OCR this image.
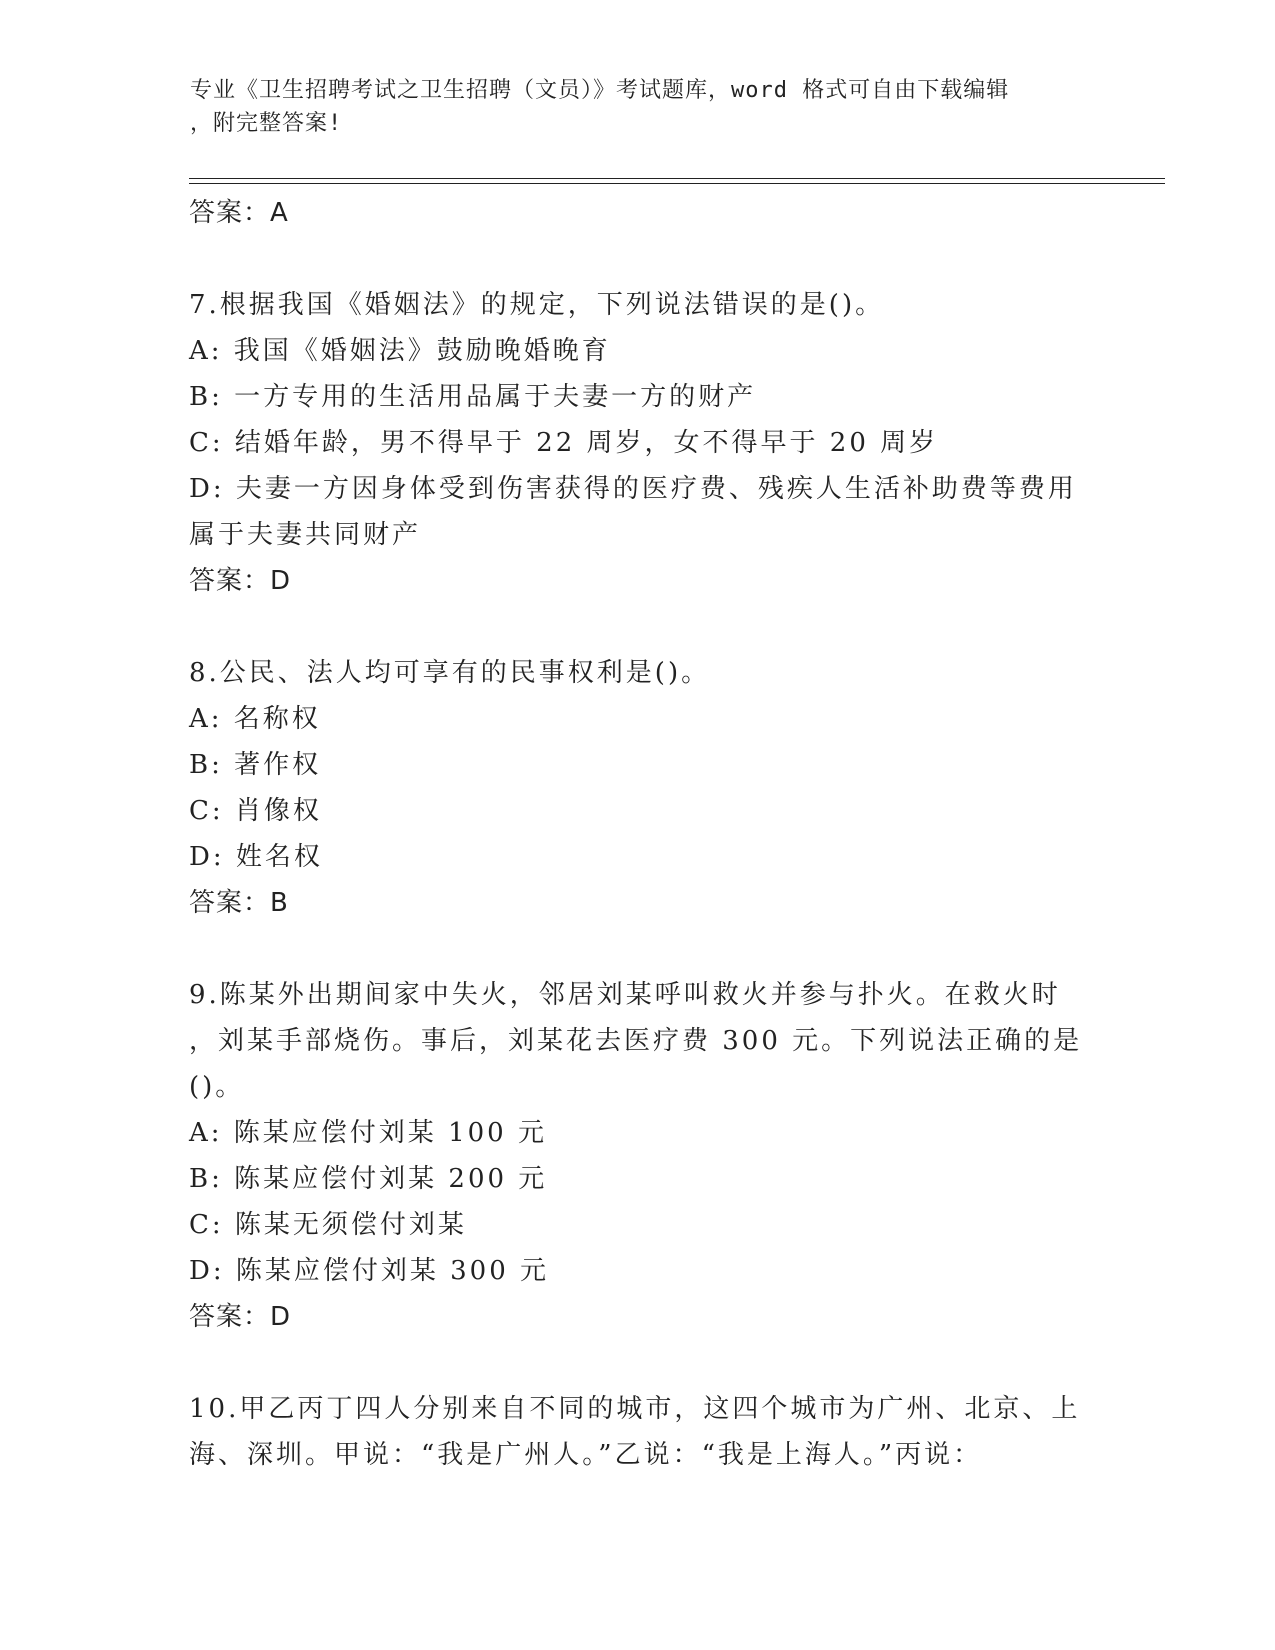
专业《卫生招聘考试之卫生招聘（文员）》考试题库，word 格式可自由下载编辑
，附完整答案!
答案：A
7.根据我国《婚姻法》的规定，下列说法错误的是()。
A: 我国《婚姻法》鼓励晚婚晚育
B: 一方专用的生活用品属于夫妻一方的财产
C: 结婚年龄，男不得早于 22 周岁，女不得早于 20 周岁
D: 夫妻一方因身体受到伤害获得的医疗费、残疾人生活补助费等费用
属于夫妻共同财产
答案：D
8.公民、法人均可享有的民事权利是()。
A: 名称权
B: 著作权
C: 肖像权
D: 姓名权
答案：B
9.陈某外出期间家中失火，邻居刘某呼叫救火并参与扑火。在救火时
，刘某手部烧伤。事后，刘某花去医疗费 300 元。下列说法正确的是
()。
A: 陈某应偿付刘某 100 元
B: 陈某应偿付刘某 200 元
C: 陈某无须偿付刘某
D: 陈某应偿付刘某 300 元
答案：D
10.甲乙丙丁四人分别来自不同的城市，这四个城市为广州、北京、上
海、深圳。甲说：“我是广州人。”乙说：“我是上海人。”丙说：
